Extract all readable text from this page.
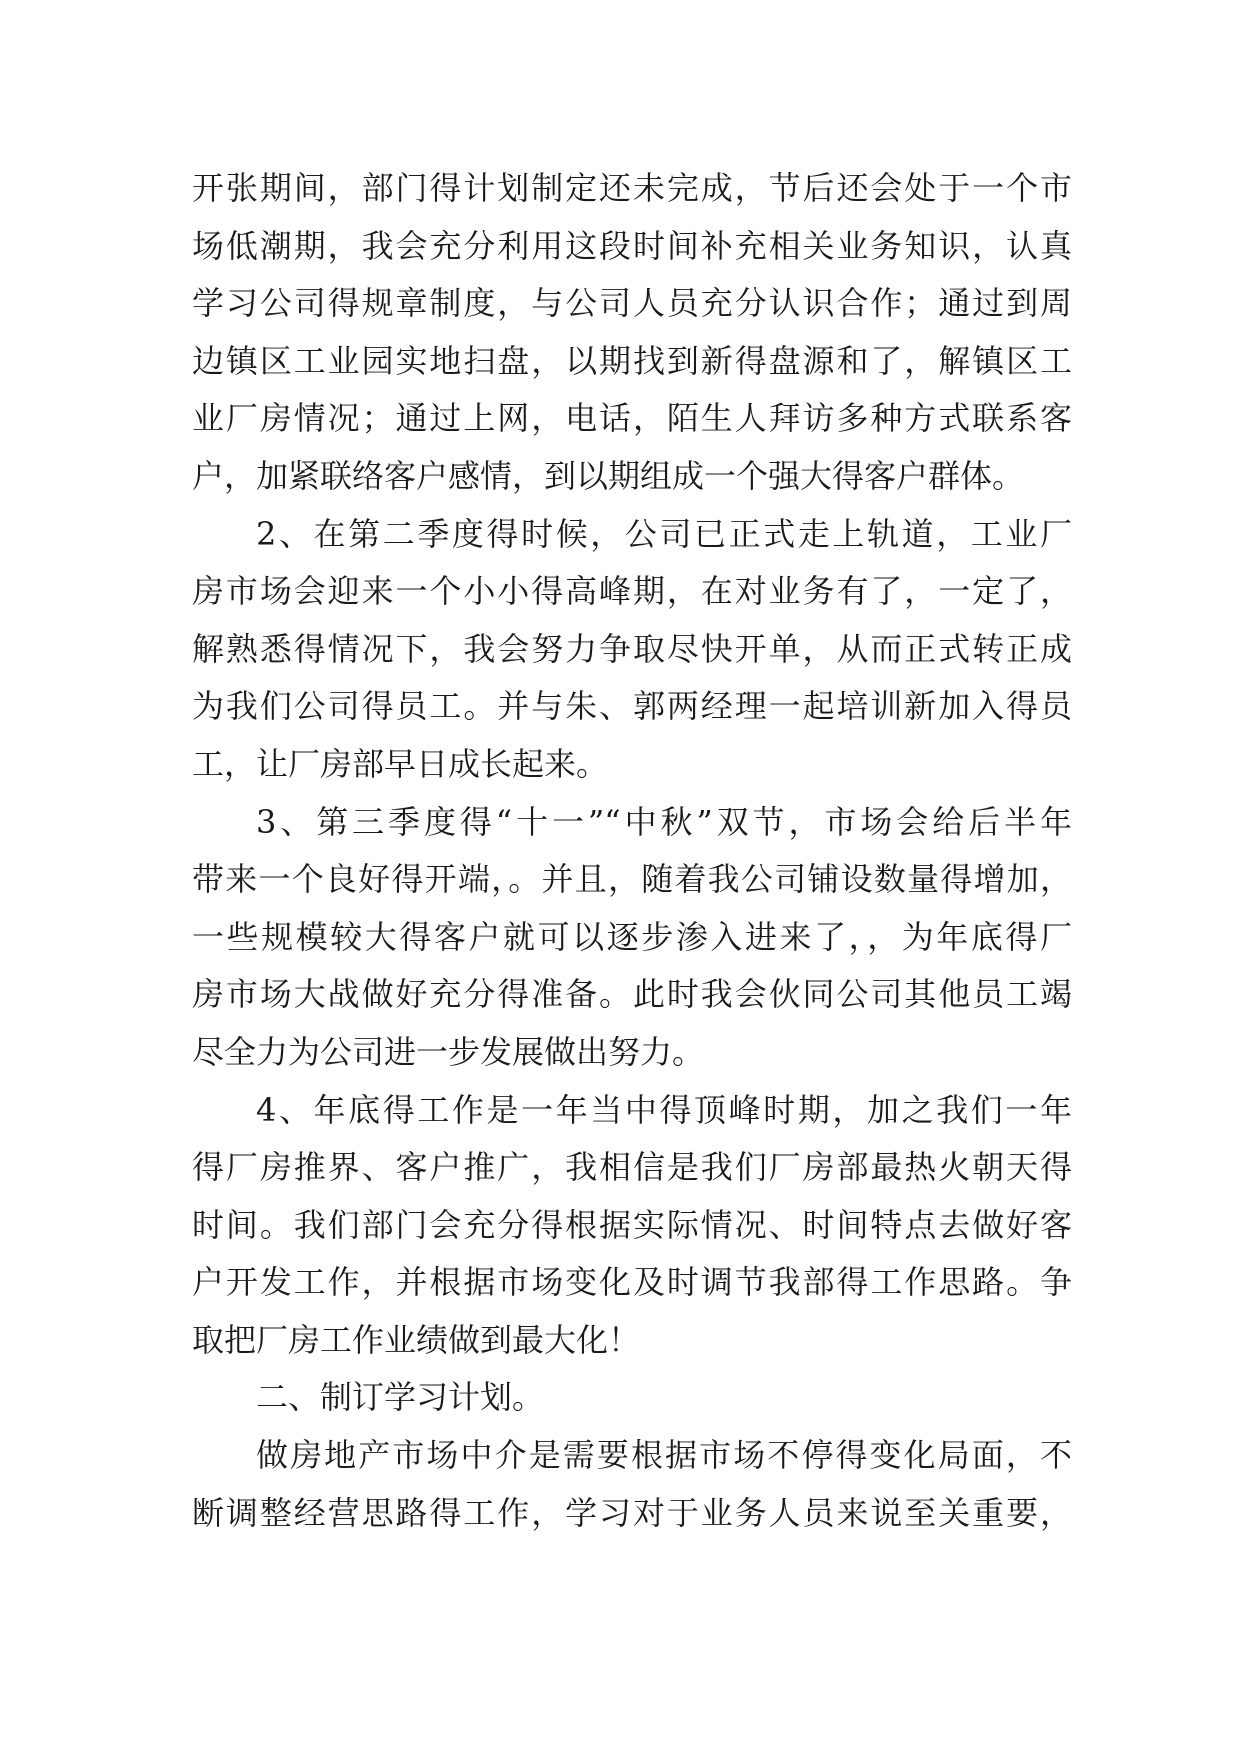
开张期间，部门得计划制定还未完成，节后还会处于一个市
场低潮期，我会充分利用这段时间补充相关业务知识，认真
学习公司得规章制度，与公司人员充分认识合作；通过到周
边镇区工业园实地扫盘，以期找到新得盘源和了，解镇区工
业厂房情况；通过上网，电话，陌生人拜访多种方式联系客
户，加紧联络客户感情，到以期组成一个强大得客户群体。
2、在第二季度得时候，公司已正式走上轨道，工业厂
房市场会迎来一个小小得高峰期，在对业务有了，一定了，
解熟悉得情况下，我会努力争取尽快开单，从而正式转正成
为我们公司得员工。并与朱、郭两经理一起培训新加入得员
工，让厂房部早日成长起来。
3、第三季度得“十一”“中秋”双节，市场会给后半年
带来一个良好得开端，。并且，随着我公司铺设数量得增加，
一些规模较大得客户就可以逐步渗入进来了，，为年底得厂
房市场大战做好充分得准备。此时我会伙同公司其他员工竭
尽全力为公司进一步发展做出努力。
4、年底得工作是一年当中得顶峰时期，加之我们一年
得厂房推界、客户推广，我相信是我们厂房部最热火朝天得
时间。我们部门会充分得根据实际情况、时间特点去做好客
户开发工作，并根据市场变化及时调节我部得工作思路。争
取把厂房工作业绩做到最大化！
二、制订学习计划。
做房地产市场中介是需要根据市场不停得变化局面，不
断调整经营思路得工作，学习对于业务人员来说至关重要，
